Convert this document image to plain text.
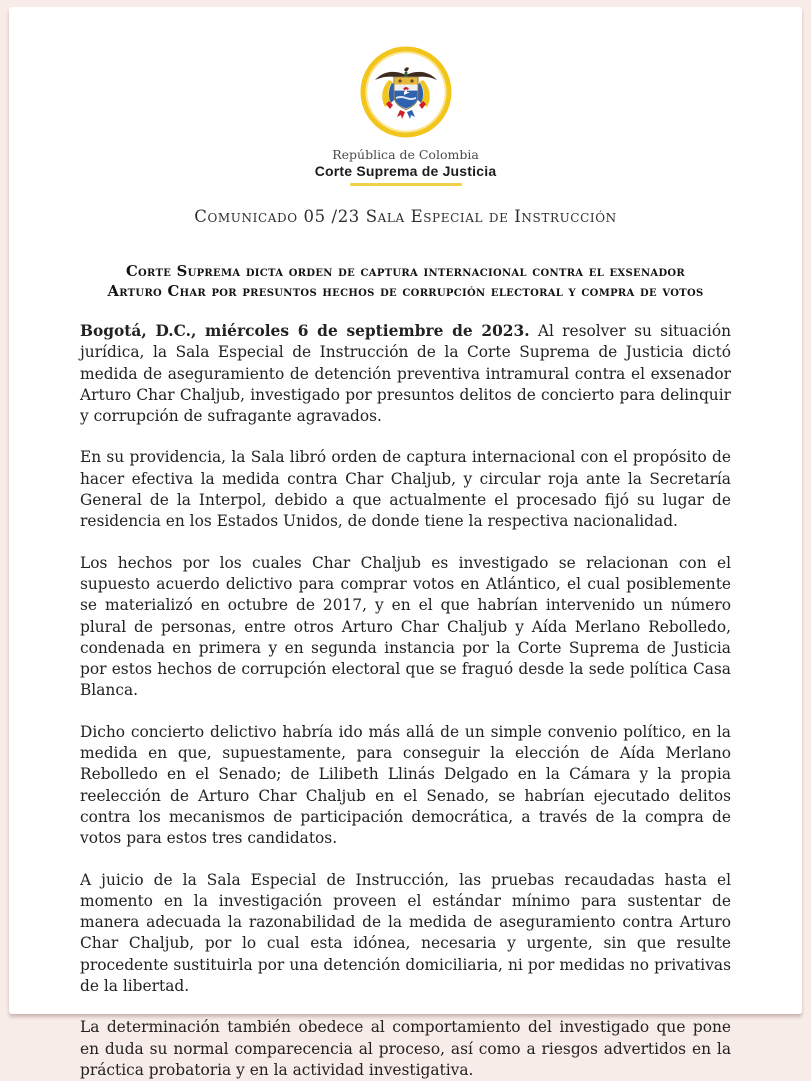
República de Colombia
Corte Suprema de Justicia
Comunicado 05 /23 Sala Especial de Instrucción
Corte Suprema dicta orden de captura internacional contra el exsenador
Arturo Char por presuntos hechos de corrupción electoral y compra de votos

Bogotá, D.C., miércoles 6 de septiembre de 2023. Al resolver su situación jurídica, la Sala Especial de Instrucción de la Corte Suprema de Justicia dictó medida de aseguramiento de detención preventiva intramural contra el exsenador Arturo Char Chaljub, investigado por presuntos delitos de concierto para delinquir y corrupción de sufragante agravados.

En su providencia, la Sala libró orden de captura internacional con el propósito de hacer efectiva la medida contra Char Chaljub, y circular roja ante la Secretaría General de la Interpol, debido a que actualmente el procesado fijó su lugar de residencia en los Estados Unidos, de donde tiene la respectiva nacionalidad.

Los hechos por los cuales Char Chaljub es investigado se relacionan con el supuesto acuerdo delictivo para comprar votos en Atlántico, el cual posiblemente se materializó en octubre de 2017, y en el que habrían intervenido un número plural de personas, entre otros Arturo Char Chaljub y Aída Merlano Rebolledo, condenada en primera y en segunda instancia por la Corte Suprema de Justicia por estos hechos de corrupción electoral que se fraguó desde la sede política Casa Blanca.

Dicho concierto delictivo habría ido más allá de un simple convenio político, en la medida en que, supuestamente, para conseguir la elección de Aída Merlano Rebolledo en el Senado; de Lilibeth Llinás Delgado en la Cámara y la propia reelección de Arturo Char Chaljub en el Senado, se habrían ejecutado delitos contra los mecanismos de participación democrática, a través de la compra de votos para estos tres candidatos.

A juicio de la Sala Especial de Instrucción, las pruebas recaudadas hasta el momento en la investigación proveen el estándar mínimo para sustentar de manera adecuada la razonabilidad de la medida de aseguramiento contra Arturo Char Chaljub, por lo cual esta idónea, necesaria y urgente, sin que resulte procedente sustituirla por una detención domiciliaria, ni por medidas no privativas de la libertad.

La determinación también obedece al comportamiento del investigado que pone en duda su normal comparecencia al proceso, así como a riesgos advertidos en la práctica probatoria y en la actividad investigativa.
